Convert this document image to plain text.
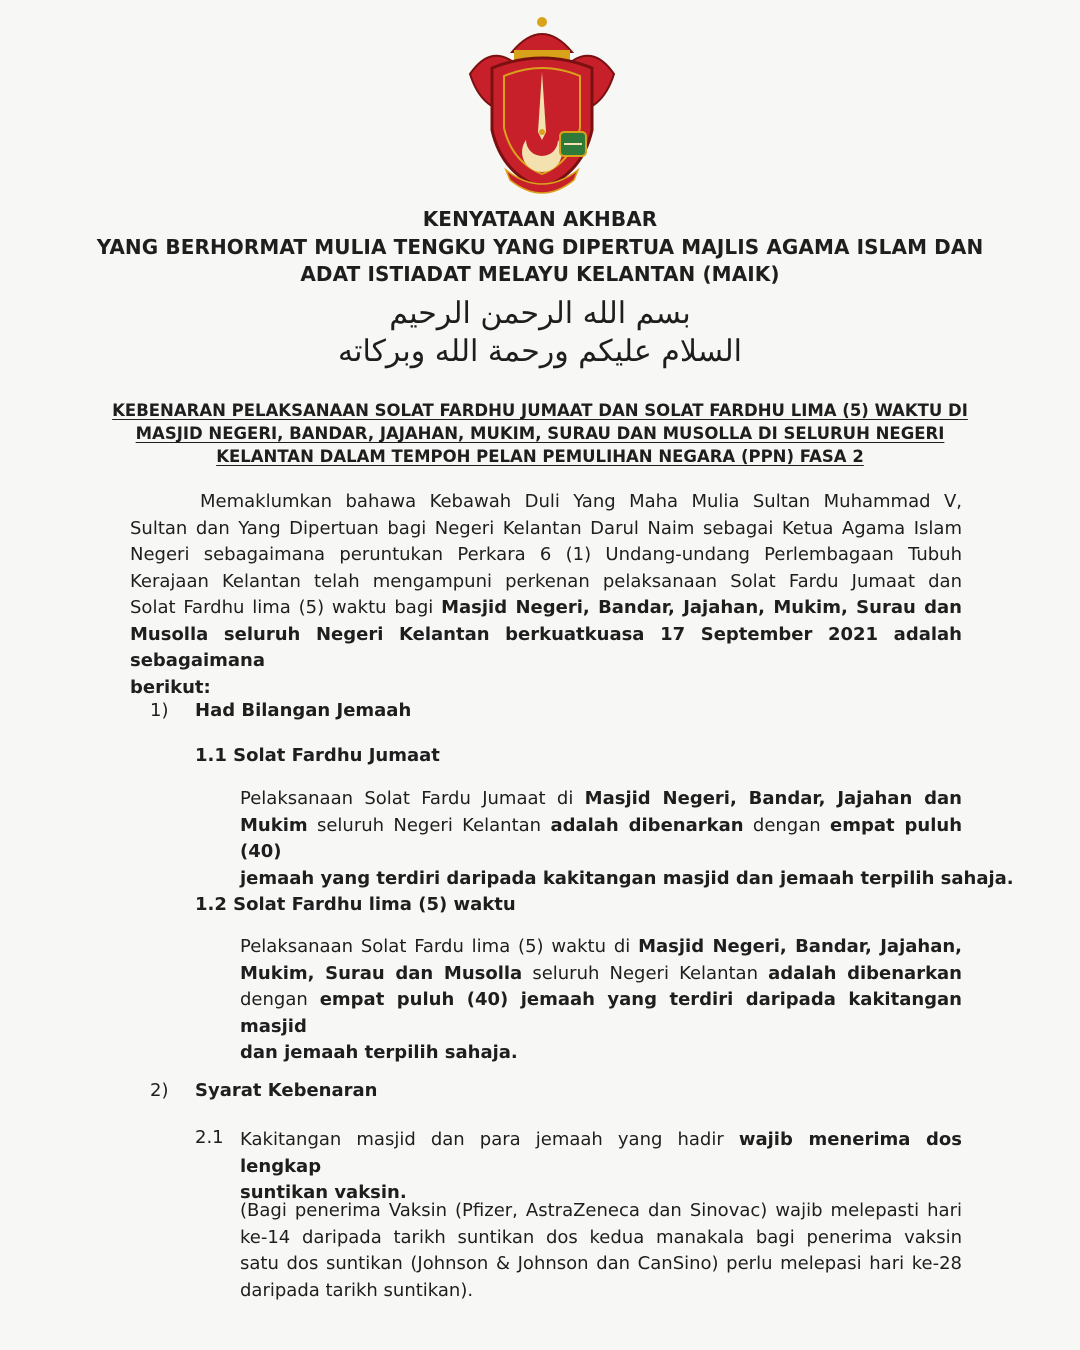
KENYATAAN AKHBAR
YANG BERHORMAT MULIA TENGKU YANG DIPERTUA MAJLIS AGAMA ISLAM DAN
ADAT ISTIADAT MELAYU KELANTAN (MAIK)
بسم الله الرحمن الرحيم
السلام عليكم ورحمة الله وبركاته
KEBENARAN PELAKSANAAN SOLAT FARDHU JUMAAT DAN SOLAT FARDHU LIMA (5) WAKTU DI
MASJID NEGERI, BANDAR, JAJAHAN, MUKIM, SURAU DAN MUSOLLA DI SELURUH NEGERI
KELANTAN DALAM TEMPOH PELAN PEMULIHAN NEGARA (PPN) FASA 2
Memaklumkan bahawa Kebawah Duli Yang Maha Mulia Sultan Muhammad V,
Sultan dan Yang Dipertuan bagi Negeri Kelantan Darul Naim sebagai Ketua Agama Islam
Negeri sebagaimana peruntukan Perkara 6 (1) Undang-undang Perlembagaan Tubuh
Kerajaan Kelantan telah mengampuni perkenan pelaksanaan Solat Fardu Jumaat dan
Solat Fardhu lima (5) waktu bagi Masjid Negeri, Bandar, Jajahan, Mukim, Surau dan
Musolla seluruh Negeri Kelantan berkuatkuasa 17 September 2021 adalah sebagaimana
berikut:
1) Had Bilangan Jemaah
1.1 Solat Fardhu Jumaat
Pelaksanaan Solat Fardu Jumaat di Masjid Negeri, Bandar, Jajahan dan
Mukim seluruh Negeri Kelantan adalah dibenarkan dengan empat puluh (40)
jemaah yang terdiri daripada kakitangan masjid dan jemaah terpilih sahaja.
1.2 Solat Fardhu lima (5) waktu
Pelaksanaan Solat Fardu lima (5) waktu di Masjid Negeri, Bandar, Jajahan,
Mukim, Surau dan Musolla seluruh Negeri Kelantan adalah dibenarkan
dengan empat puluh (40) jemaah yang terdiri daripada kakitangan masjid
dan jemaah terpilih sahaja.
2) Syarat Kebenaran
2.1 Kakitangan masjid dan para jemaah yang hadir wajib menerima dos lengkap
suntikan vaksin.
(Bagi penerima Vaksin (Pfizer, AstraZeneca dan Sinovac) wajib melepasti hari
ke-14 daripada tarikh suntikan dos kedua manakala bagi penerima vaksin
satu dos suntikan (Johnson & Johnson dan CanSino) perlu melepasi hari ke-28
daripada tarikh suntikan).
